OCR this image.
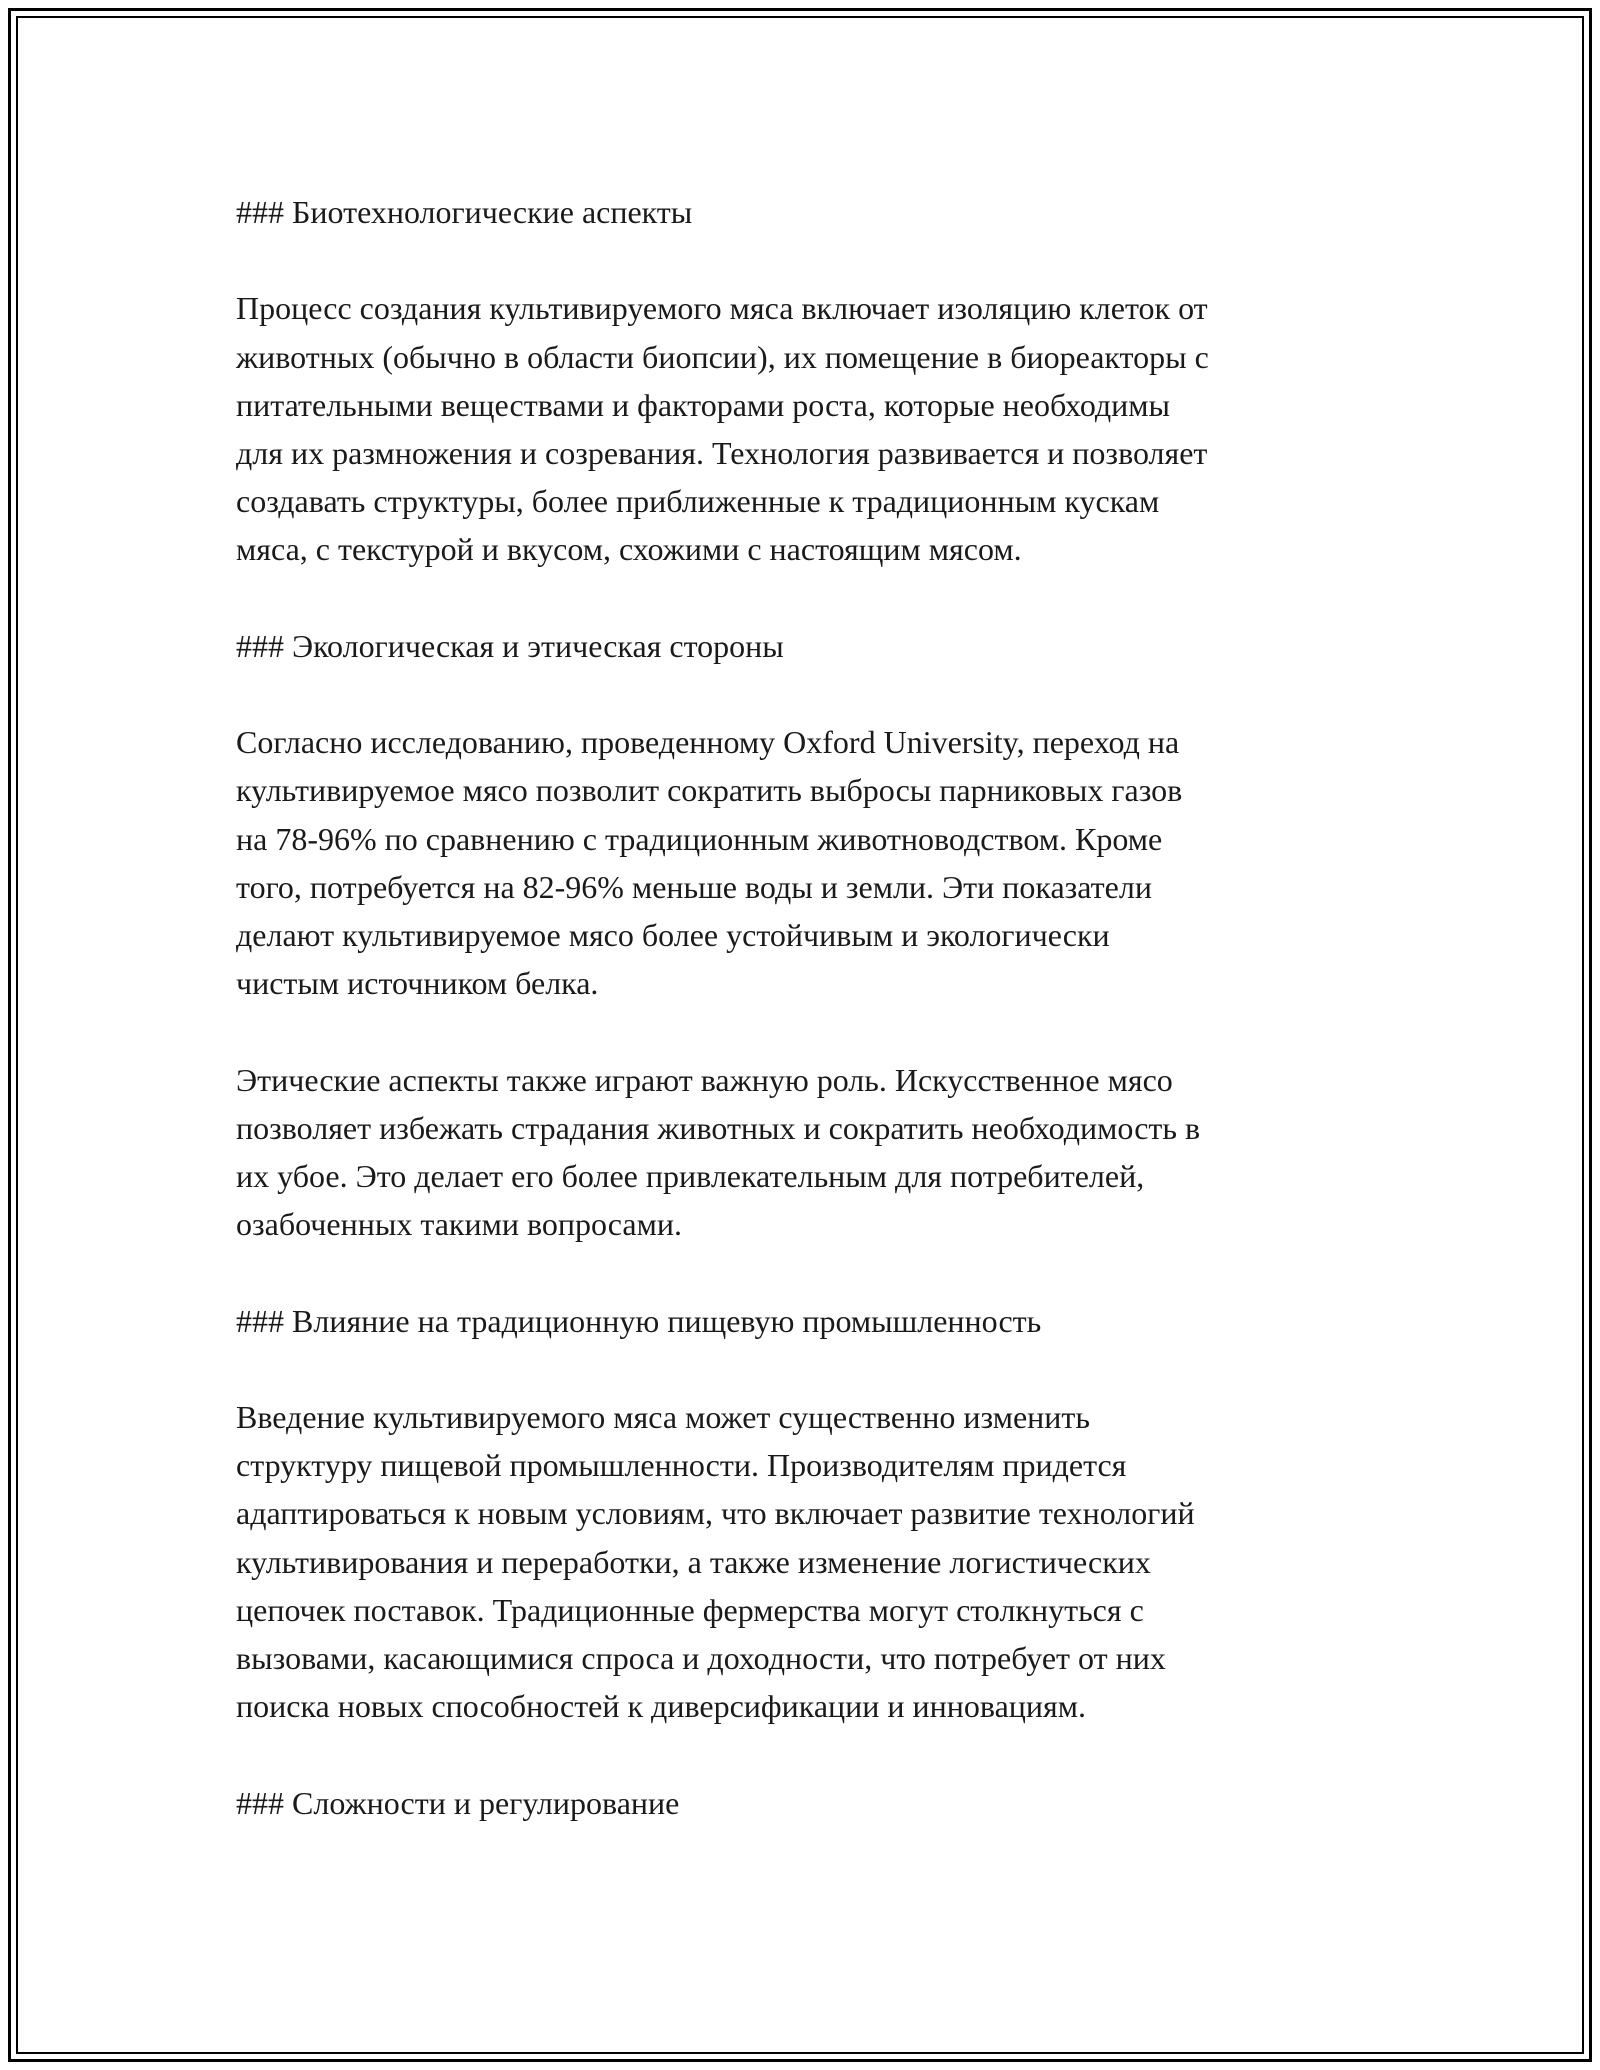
### Биотехнологические аспекты

Процесс создания культивируемого мяса включает изоляцию клеток от
животных (обычно в области биопсии), их помещение в биореакторы с
питательными веществами и факторами роста, которые необходимы
для их размножения и созревания. Технология развивается и позволяет
создавать структуры, более приближенные к традиционным кускам
мяса, с текстурой и вкусом, схожими с настоящим мясом.

### Экологическая и этическая стороны

Согласно исследованию, проведенному Oxford University, переход на
культивируемое мясо позволит сократить выбросы парниковых газов
на 78-96% по сравнению с традиционным животноводством. Кроме
того, потребуется на 82-96% меньше воды и земли. Эти показатели
делают культивируемое мясо более устойчивым и экологически
чистым источником белка.

Этические аспекты также играют важную роль. Искусственное мясо
позволяет избежать страдания животных и сократить необходимость в
их убое. Это делает его более привлекательным для потребителей,
озабоченных такими вопросами.

### Влияние на традиционную пищевую промышленность

Введение культивируемого мяса может существенно изменить
структуру пищевой промышленности. Производителям придется
адаптироваться к новым условиям, что включает развитие технологий
культивирования и переработки, а также изменение логистических
цепочек поставок. Традиционные фермерства могут столкнуться с
вызовами, касающимися спроса и доходности, что потребует от них
поиска новых способностей к диверсификации и инновациям.

### Сложности и регулирование
